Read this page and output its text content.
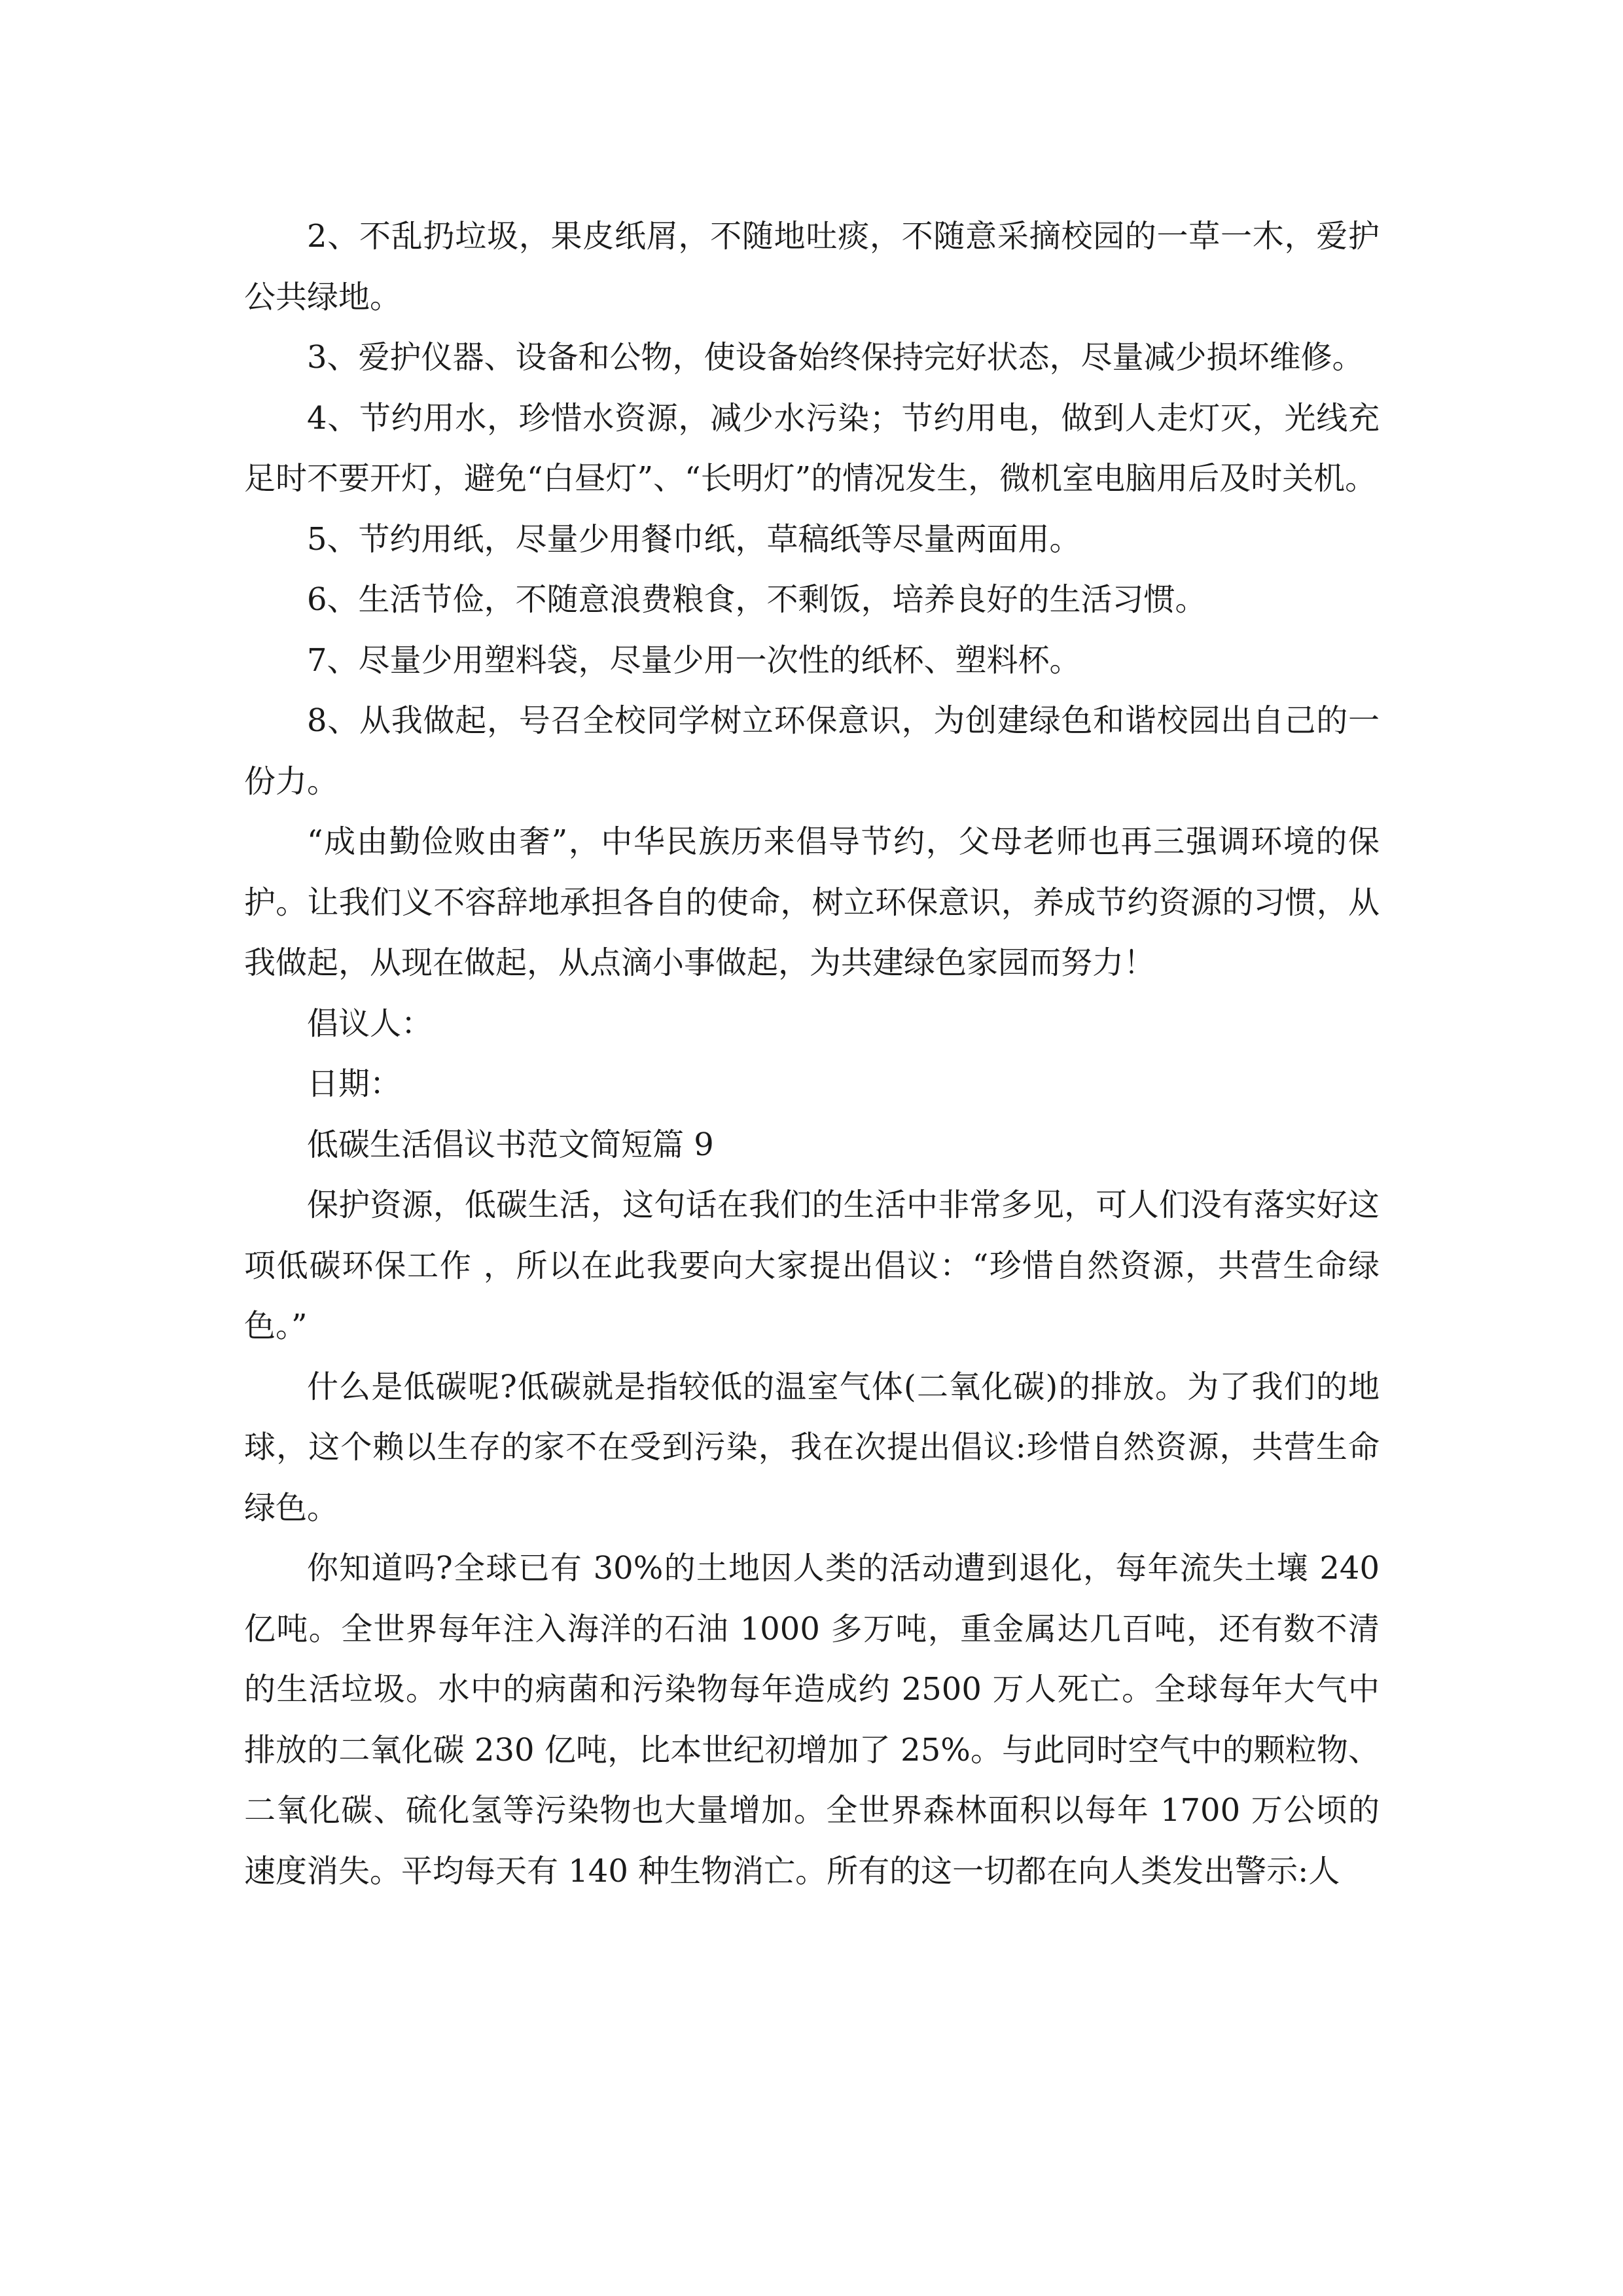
2、不乱扔垃圾，果皮纸屑，不随地吐痰，不随意采摘校园的一草一木，爱护公共绿地。

3、爱护仪器、设备和公物，使设备始终保持完好状态，尽量减少损坏维修。

4、节约用水，珍惜水资源，减少水污染；节约用电，做到人走灯灭，光线充足时不要开灯，避免“白昼灯”、“长明灯”的情况发生，微机室电脑用后及时关机。

5、节约用纸，尽量少用餐巾纸，草稿纸等尽量两面用。

6、生活节俭，不随意浪费粮食，不剩饭，培养良好的生活习惯。

7、尽量少用塑料袋，尽量少用一次性的纸杯、塑料杯。

8、从我做起，号召全校同学树立环保意识，为创建绿色和谐校园出自己的一份力。

“成由勤俭败由奢”，中华民族历来倡导节约，父母老师也再三强调环境的保护。让我们义不容辞地承担各自的使命，树立环保意识，养成节约资源的习惯，从我做起，从现在做起，从点滴小事做起，为共建绿色家园而努力！

倡议人：

日期：

低碳生活倡议书范文简短篇 9

保护资源，低碳生活，这句话在我们的生活中非常多见，可人们没有落实好这项低碳环保工作 ，所以在此我要向大家提出倡议：“珍惜自然资源，共营生命绿色。”

什么是低碳呢?低碳就是指较低的温室气体(二氧化碳)的排放。为了我们的地球，这个赖以生存的家不在受到污染，我在次提出倡议:珍惜自然资源，共营生命绿色。

你知道吗?全球已有 30%的土地因人类的活动遭到退化，每年流失土壤 240 亿吨。全世界每年注入海洋的石油 1000 多万吨，重金属达几百吨，还有数不清的生活垃圾。水中的病菌和污染物每年造成约 2500 万人死亡。全球每年大气中排放的二氧化碳 230 亿吨，比本世纪初增加了 25%。与此同时空气中的颗粒物、二氧化碳、硫化氢等污染物也大量增加。全世界森林面积以每年 1700 万公顷的速度消失。平均每天有 140 种生物消亡。所有的这一切都在向人类发出警示:人
